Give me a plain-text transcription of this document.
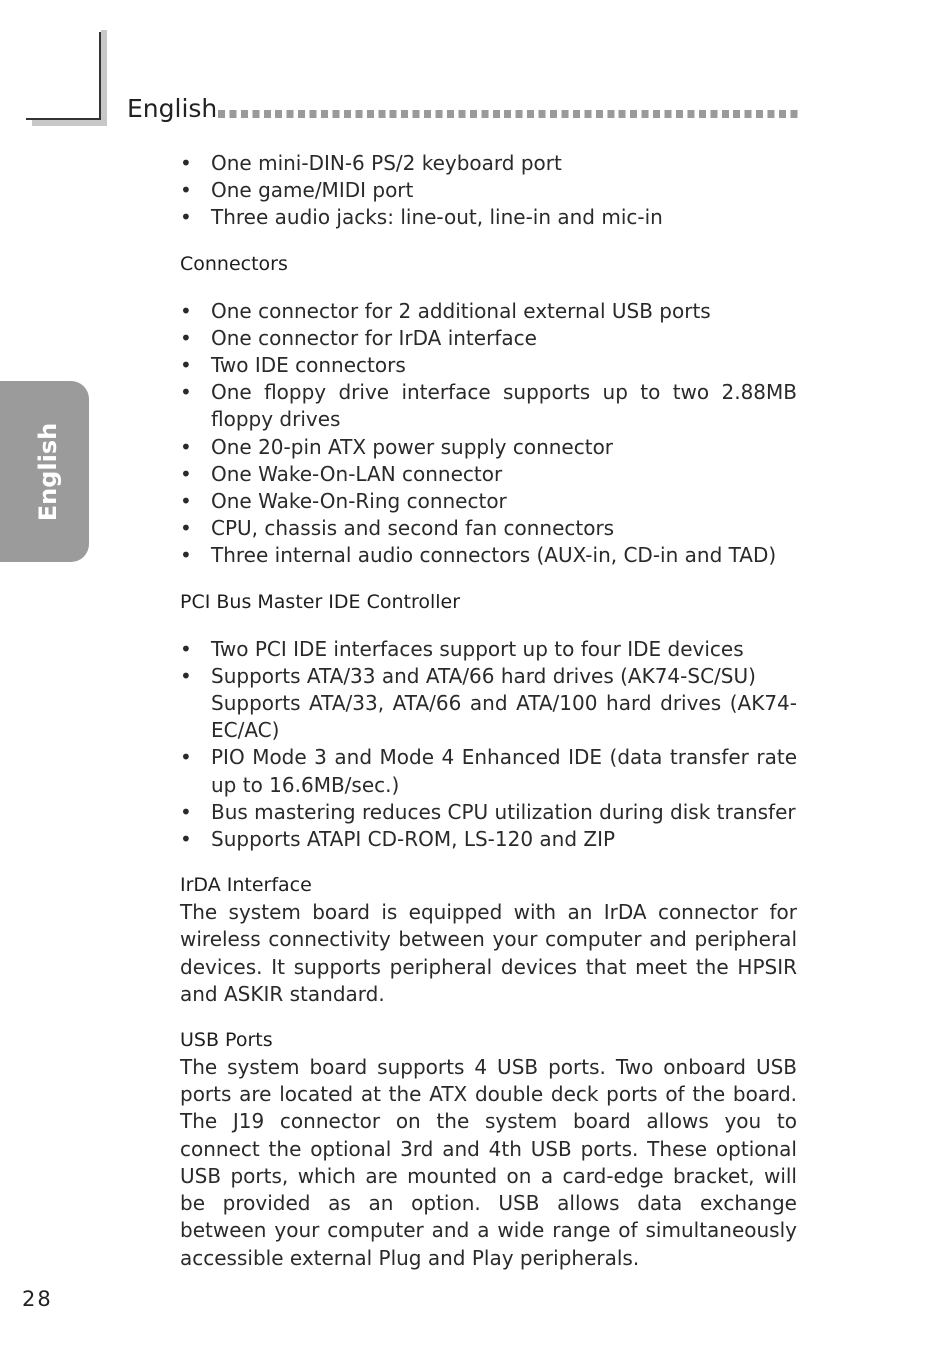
English
English
• One mini-DIN-6 PS/2 keyboard port
• One game/MIDI port
• Three audio jacks: line-out, line-in and mic-in
Connectors
• One connector for 2 additional external USB ports
• One connector for IrDA interface
• Two IDE connectors
• One floppy drive interface supports up to two 2.88MB floppy drives
• One 20-pin ATX power supply connector
• One Wake-On-LAN connector
• One Wake-On-Ring connector
• CPU, chassis and second fan connectors
• Three internal audio connectors (AUX-in, CD-in and TAD)
PCI Bus Master IDE Controller
• Two PCI IDE interfaces support up to four IDE devices
• Supports ATA/33 and ATA/66 hard drives (AK74-SC/SU)
Supports ATA/33, ATA/66 and ATA/100 hard drives (AK74-EC/AC)
• PIO Mode 3 and Mode 4 Enhanced IDE (data transfer rate up to 16.6MB/sec.)
• Bus mastering reduces CPU utilization during disk transfer
• Supports ATAPI CD-ROM, LS-120 and ZIP
IrDA Interface

The system board is equipped with an IrDA connector for wireless connectivity between your computer and peripheral devices. It supports peripheral devices that meet the HPSIR and ASKIR standard.

USB Ports

The system board supports 4 USB ports. Two onboard USB ports are located at the ATX double deck ports of the board. The J19 connector on the system board allows you to connect the optional 3rd and 4th USB ports. These optional USB ports, which are mounted on a card-edge bracket, will be provided as an option. USB allows data exchange between your computer and a wide range of simultaneously accessible external Plug and Play peripherals.

28
